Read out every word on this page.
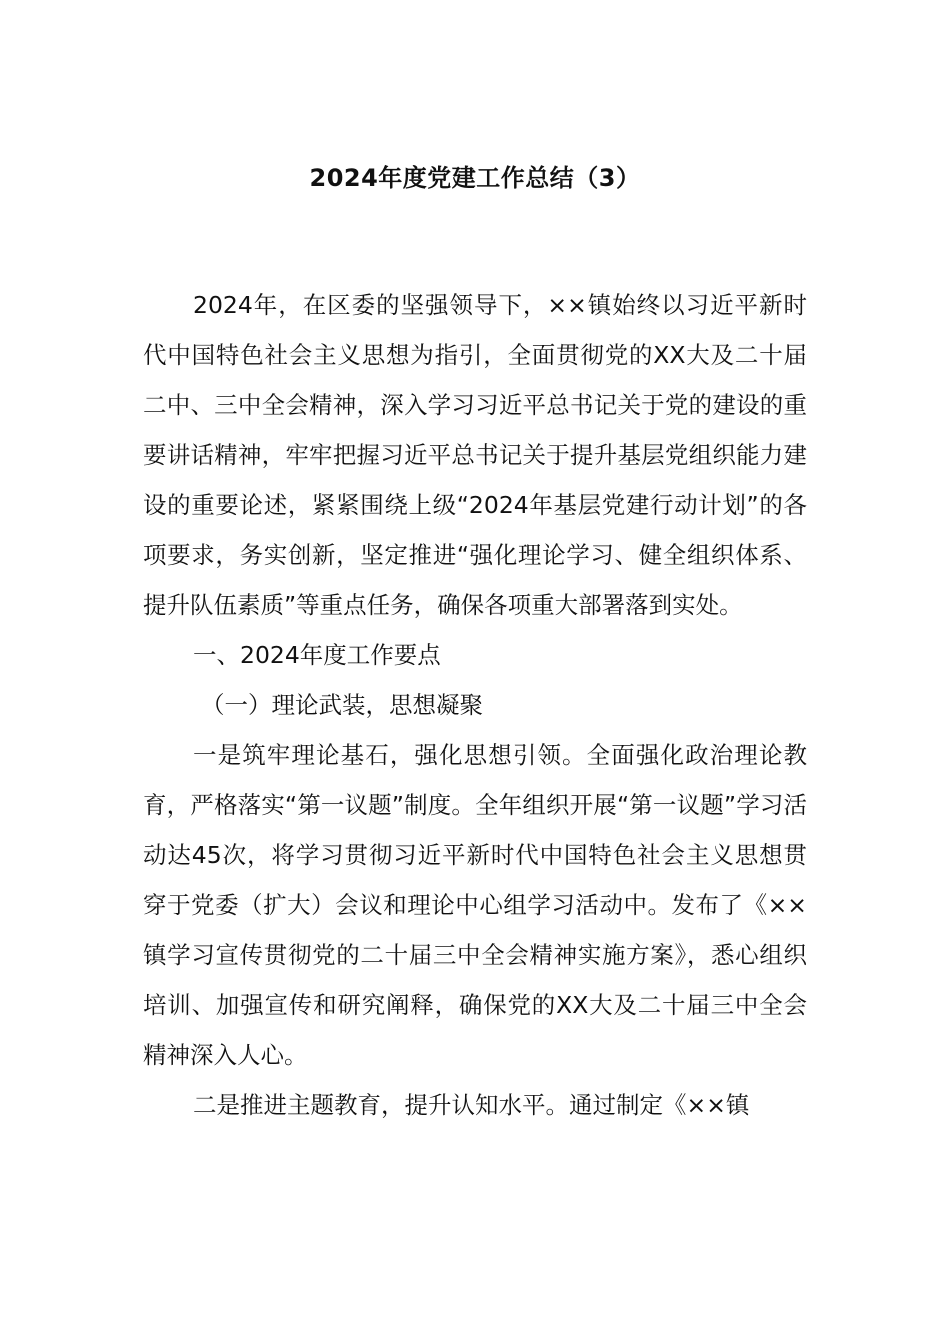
2024年度党建工作总结（3）

2024年，在区委的坚强领导下，××镇始终以习近平新时代中国特色社会主义思想为指引，全面贯彻党的XX大及二十届二中、三中全会精神，深入学习习近平总书记关于党的建设的重要讲话精神，牢牢把握习近平总书记关于提升基层党组织能力建设的重要论述，紧紧围绕上级“2024年基层党建行动计划”的各项要求，务实创新，坚定推进“强化理论学习、健全组织体系、提升队伍素质”等重点任务，确保各项重大部署落到实处。

一、2024年度工作要点

（一）理论武装，思想凝聚

一是筑牢理论基石，强化思想引领。全面强化政治理论教育，严格落实“第一议题”制度。全年组织开展“第一议题”学习活动达45次，将学习贯彻习近平新时代中国特色社会主义思想贯穿于党委（扩大）会议和理论中心组学习活动中。发布了《××镇学习宣传贯彻党的二十届三中全会精神实施方案》，悉心组织培训、加强宣传和研究阐释，确保党的XX大及二十届三中全会精神深入人心。

二是推进主题教育，提升认知水平。通过制定《××镇
